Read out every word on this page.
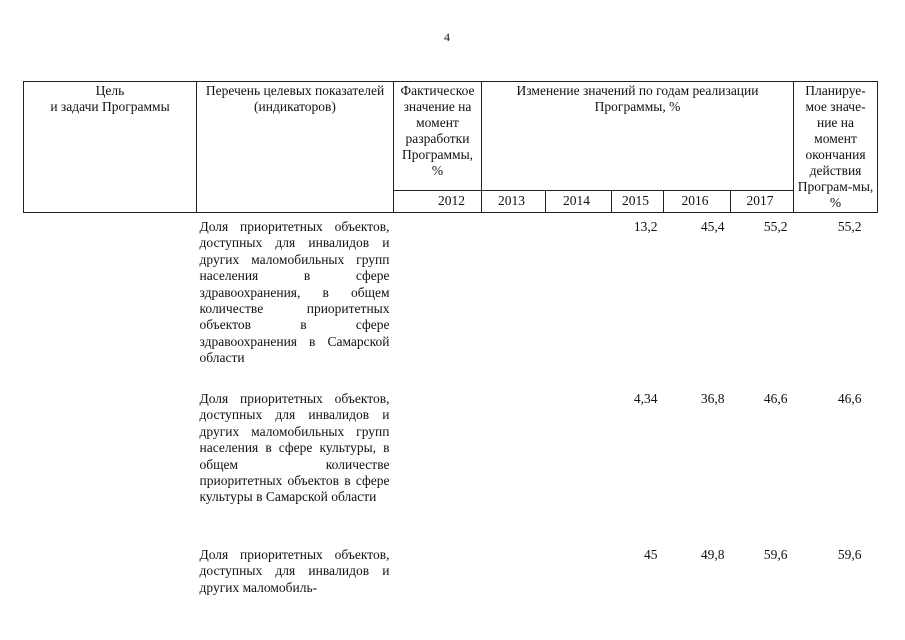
4
Цель
и задачи Программы	Перечень целевых показателей (индикаторов)	Фактическое значение на момент разработки Программы, %	Изменение значений по годам реализации Программы, %					Планируе-мое значе-ние на момент окончания действия Програм-мы, %
		2012	2013	2014	2015	2016	2017	
	Доля приоритетных объектов, доступных для инвалидов и других маломобильных групп населения в сфере здравоохранения, в общем количестве приоритетных объектов в сфере здравоохранения в Самарской области				13,2	45,4	55,2	55,2

	Доля приоритетных объектов, доступных для инвалидов и других маломобильных групп населения в сфере культуры, в общем количестве приоритетных объектов в сфере культуры в Самарской области				4,34	36,8	46,6	46,6

	Доля приоритетных объектов, доступных для инвалидов и других маломобиль-				45	49,8	59,6	59,6
